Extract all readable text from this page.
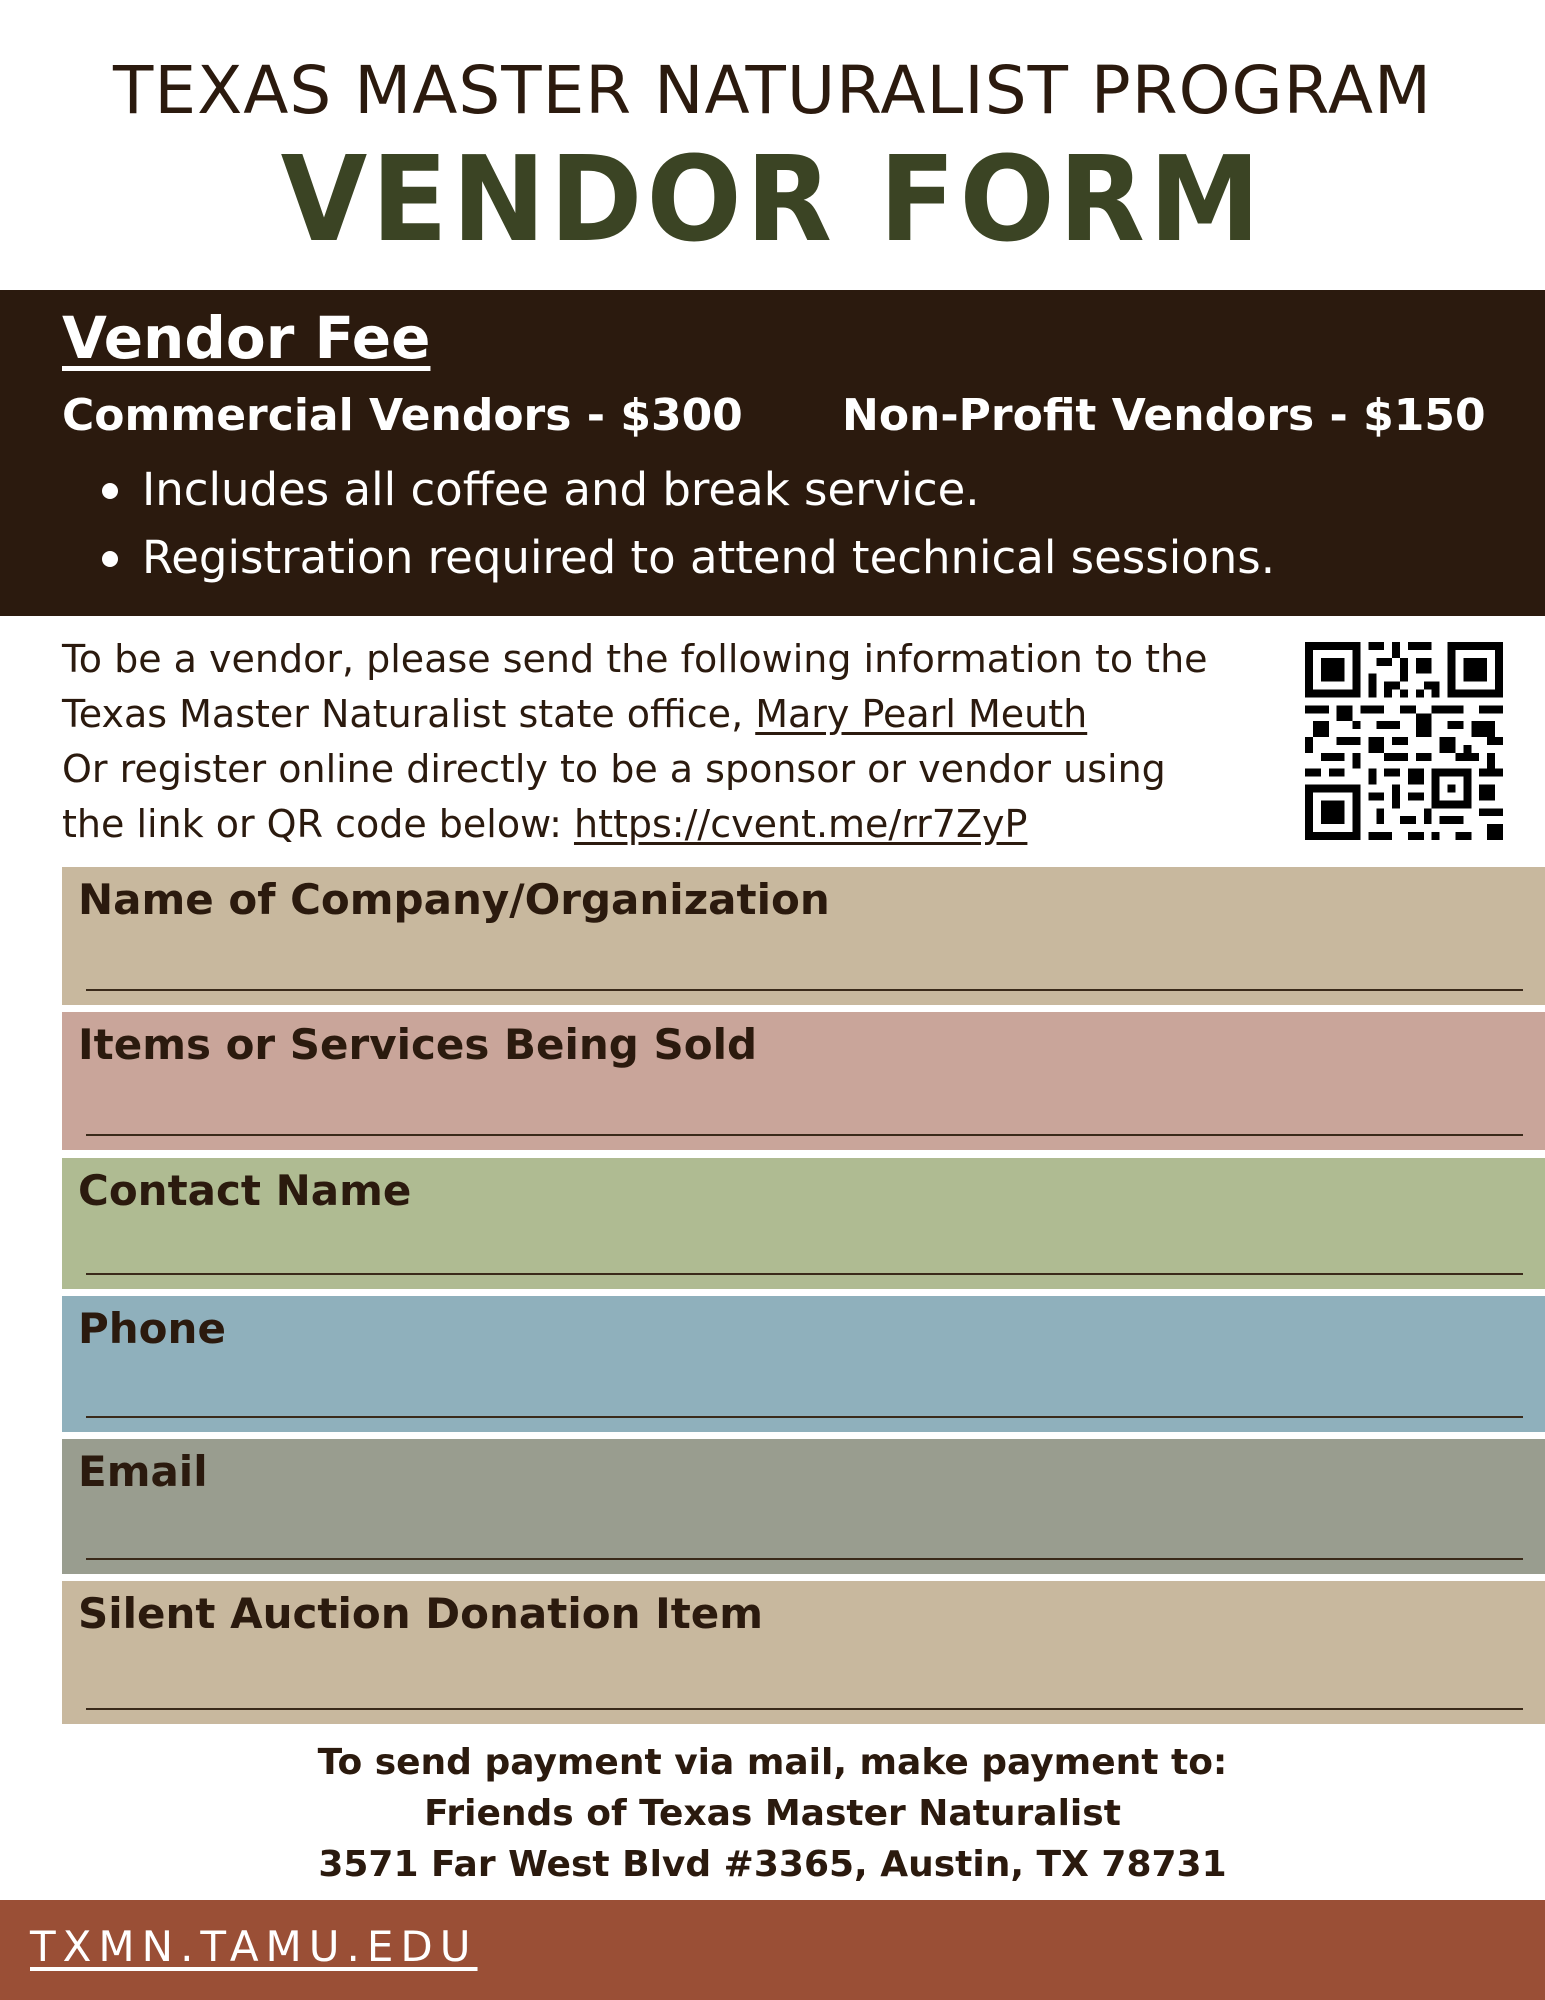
TEXAS MASTER NATURALIST PROGRAM
VENDOR FORM
Vendor Fee
Commercial Vendors - $300 Non-Profit Vendors - $150
Includes all coffee and break service.
Registration required to attend technical sessions.
To be a vendor, please send the following information to the
Texas Master Naturalist state office, Mary Pearl Meuth
Or register online directly to be a sponsor or vendor using
the link or QR code below: https://cvent.me/rr7ZyP
Name of Company/Organization
Items or Services Being Sold
Contact Name
Phone
Email
Silent Auction Donation Item
To send payment via mail, make payment to:
Friends of Texas Master Naturalist
3571 Far West Blvd #3365, Austin, TX 78731
TXMN.TAMU.EDU
